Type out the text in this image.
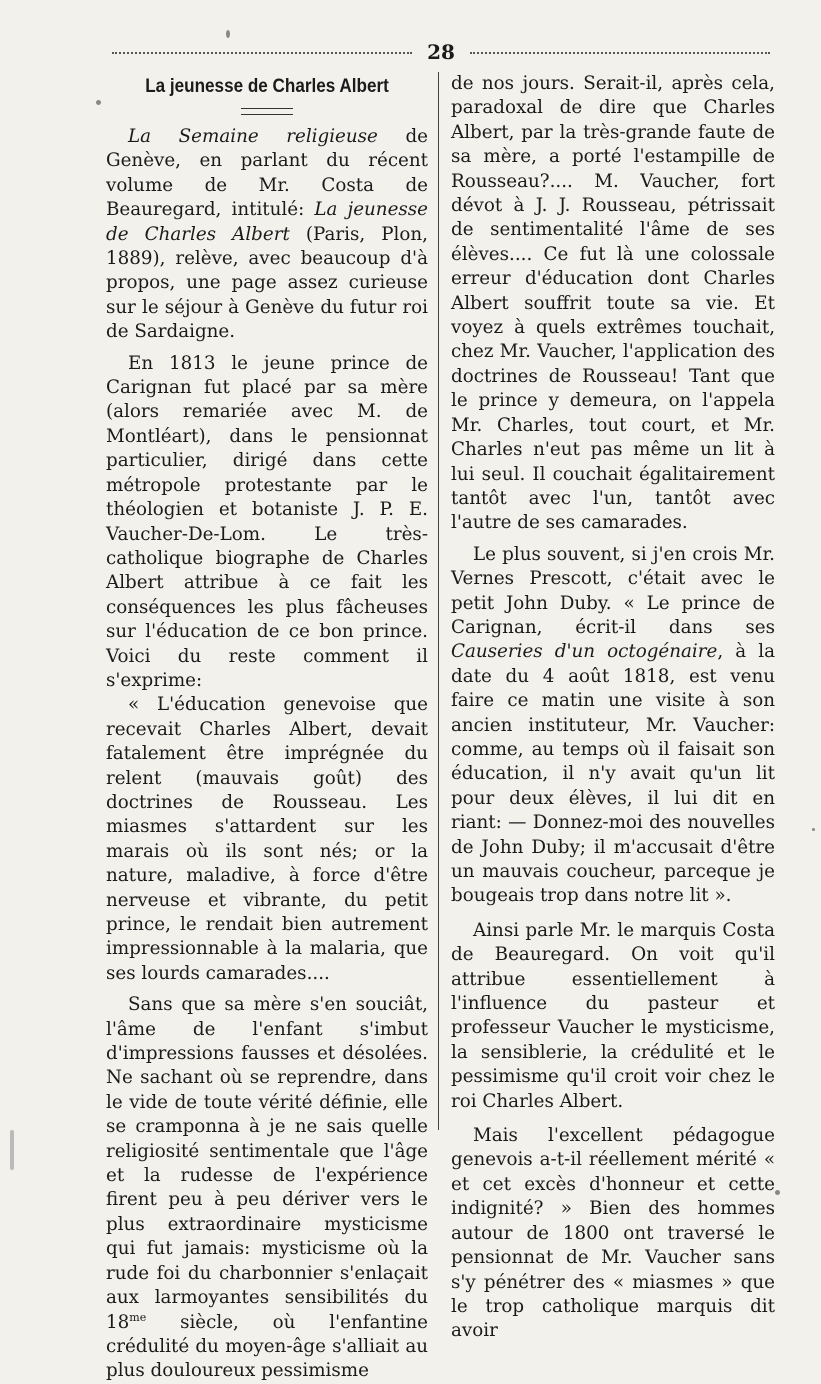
28
La jeunesse de Charles Albert

La Semaine religieuse de Genève, en parlant du récent volume de Mr. Costa de Beauregard, intitulé: La jeunesse de Charles Albert (Paris, Plon, 1889), relève, avec beaucoup d'à propos, une page assez curieuse sur le séjour à Genève du futur roi de Sardaigne.

En 1813 le jeune prince de Carignan fut placé par sa mère (alors remariée avec M. de Montléart), dans le pensionnat particulier, dirigé dans cette métropole protestante par le théologien et botaniste J. P. E. Vaucher-De-Lom. Le très-catholique biographe de Charles Albert attribue à ce fait les conséquences les plus fâcheuses sur l'éducation de ce bon prince. Voici du reste comment il s'exprime:

« L'éducation genevoise que recevait Charles Albert, devait fatalement être imprégnée du relent (mauvais goût) des doctrines de Rousseau. Les miasmes s'attardent sur les marais où ils sont nés; or la nature, maladive, à force d'être nerveuse et vibrante, du petit prince, le rendait bien autrement impressionnable à la malaria, que ses lourds camarades....

Sans que sa mère s'en souciât, l'âme de l'enfant s'imbut d'impressions fausses et désolées. Ne sachant où se reprendre, dans le vide de toute vérité définie, elle se cramponna à je ne sais quelle religiosité sentimentale que l'âge et la rudesse de l'expérience firent peu à peu dériver vers le plus extraordinaire mysticisme qui fut jamais: mysticisme où la rude foi du charbonnier s'enlaçait aux larmoyantes sensibilités du $18^{me}$ siècle, où l'enfantine crédulité du moyen-âge s'alliait au plus douloureux pessimisme

de nos jours. Serait-il, après cela, paradoxal de dire que Charles Albert, par la très-grande faute de sa mère, a porté l'estampille de Rousseau?.... M. Vaucher, fort dévot à J. J. Rousseau, pétrissait de sentimentalité l'âme de ses élèves.... Ce fut là une colossale erreur d'éducation dont Charles Albert souffrit toute sa vie. Et voyez à quels extrêmes touchait, chez Mr. Vaucher, l'application des doctrines de Rousseau! Tant que le prince y demeura, on l'appela Mr. Charles, tout court, et Mr. Charles n'eut pas même un lit à lui seul. Il couchait égalitairement tantôt avec l'un, tantôt avec l'autre de ses camarades.

Le plus souvent, si j'en crois Mr. Vernes Prescott, c'était avec le petit John Duby. « Le prince de Carignan, écrit-il dans ses Causeries d'un octogénaire, à la date du 4 août 1818, est venu faire ce matin une visite à son ancien instituteur, Mr. Vaucher: comme, au temps où il faisait son éducation, il n'y avait qu'un lit pour deux élèves, il lui dit en riant: — Donnez-moi des nouvelles de John Duby; il m'accusait d'être un mauvais coucheur, parceque je bougeais trop dans notre lit ».

Ainsi parle Mr. le marquis Costa de Beauregard. On voit qu'il attribue essentiellement à l'influence du pasteur et professeur Vaucher le mysticisme, la sensiblerie, la crédulité et le pessimisme qu'il croit voir chez le roi Charles Albert.

Mais l'excellent pédagogue genevois a-t-il réellement mérité « et cet excès d'honneur et cette indignité? » Bien des hommes autour de 1800 ont traversé le pensionnat de Mr. Vaucher sans s'y pénétrer des « miasmes » que le trop catholique marquis dit avoir
